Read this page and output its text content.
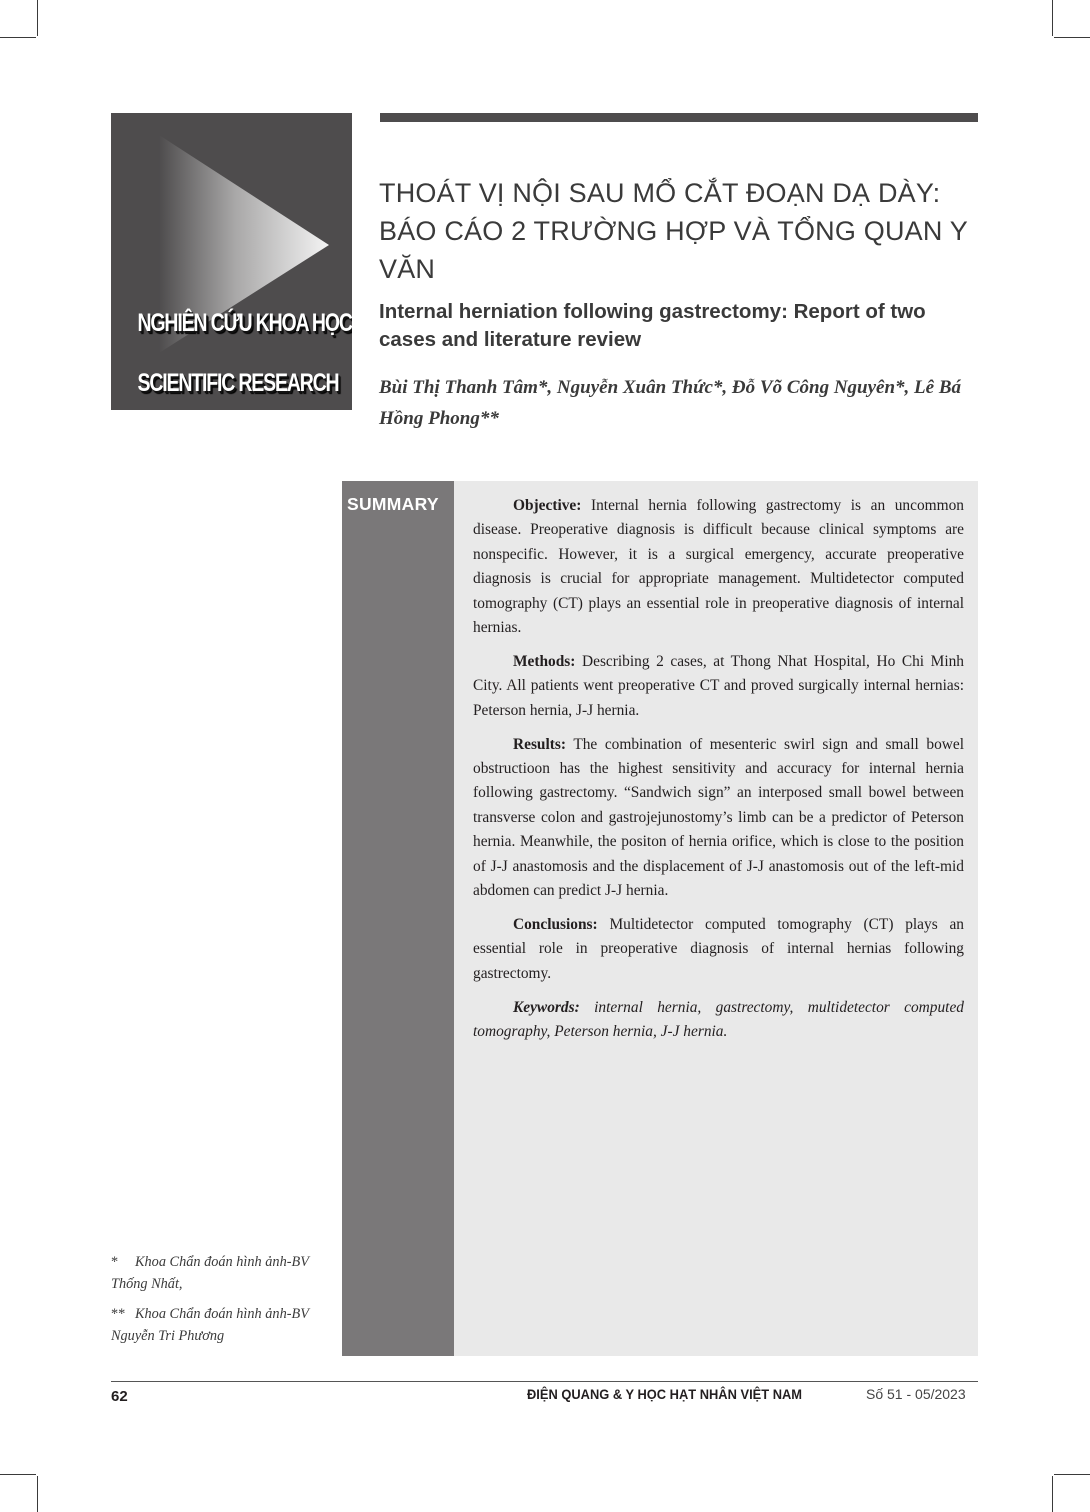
NGHIÊN CỨU KHOA HỌC
SCIENTIFIC RESEARCH
THOÁT VỊ NỘI SAU MỔ CẮT ĐOẠN DẠ DÀY: BÁO CÁO 2 TRƯỜNG HỢP VÀ TỔNG QUAN Y VĂN
Internal herniation following gastrectomy: Report of two cases and literature review

Bùi Thị Thanh Tâm*, Nguyễn Xuân Thức*, Đỗ Võ Công Nguyên*, Lê Bá Hồng Phong**

SUMMARY	Objective: Internal hernia following gastrectomy is an uncommon disease. Preoperative diagnosis is difficult because clinical symptoms are nonspecific. However, it is a surgical emergency, accurate preoperative diagnosis is crucial for appropriate management. Multidetector computed tomography (CT) plays an essential role in preoperative diagnosis of internal hernias.

Methods: Describing 2 cases, at Thong Nhat Hospital, Ho Chi Minh City. All patients went preoperative CT and proved surgically internal hernias: Peterson hernia, J-J hernia.

Results: The combination of mesenteric swirl sign and small bowel obstructioon has the highest sensitivity and accuracy for internal hernia following gastrectomy. “Sandwich sign” an interposed small bowel between transverse colon and gastrojejunostomy’s limb can be a predictor of Peterson hernia. Meanwhile, the positon of hernia orifice, which is close to the position of J-J anastomosis and the displacement of J-J anastomosis out of the left-mid abdomen can predict J-J hernia.

Conclusions: Multidetector computed tomography (CT) plays an essential role in preoperative diagnosis of internal hernias following gastrectomy.

Keywords: internal hernia, gastrectomy, multidetector computed tomography, Peterson hernia, J-J hernia.

* Khoa Chẩn đoán hình ảnh-BV Thống Nhất,

** Khoa Chẩn đoán hình ảnh-BV Nguyễn Tri Phương

62	ĐIỆN QUANG & Y HỌC HẠT NHÂN VIỆT NAM	Số 51 - 05/2023
